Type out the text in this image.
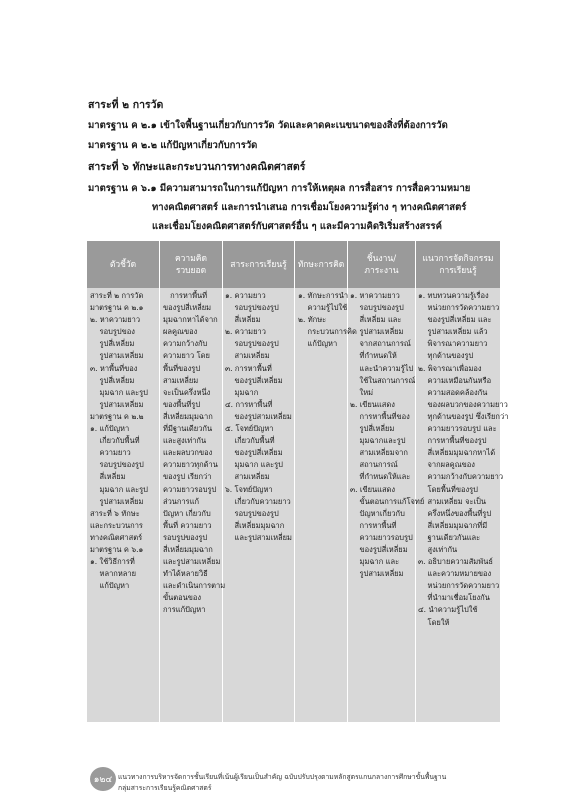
สาระที่ ๒ การวัด
มาตรฐาน ค ๒.๑ เข้าใจพื้นฐานเกี่ยวกับการวัด วัดและคาดคะเนขนาดของสิ่งที่ต้องการวัด
มาตรฐาน ค ๒.๒ แก้ปัญหาเกี่ยวกับการวัด
สาระที่ ๖ ทักษะและกระบวนการทางคณิตศาสตร์
มาตรฐาน ค ๖.๑ มีความสามารถในการแก้ปัญหา การให้เหตุผล การสื่อสาร การสื่อความหมาย
ทางคณิตศาสตร์ และการนำเสนอ การเชื่อมโยงความรู้ต่าง ๆ ทางคณิตศาสตร์
และเชื่อมโยงคณิตศาสตร์กับศาสตร์อื่น ๆ และมีความคิดริเริ่มสร้างสรรค์
ตัวชี้วัด
ความคิด
รวบยอด
สาระการเรียนรู้	ทักษะการคิด
ชิ้นงาน/
ภาระงาน
แนวการจัดกิจกรรม
การเรียนรู้
สาระที่ ๒ การวัด
มาตรฐาน ค ๒.๑
๒. หาความยาว
รอบรูปของ
รูปสี่เหลี่ยม
รูปสามเหลี่ยม
๓. หาพื้นที่ของ
รูปสี่เหลี่ยม
มุมฉาก และรูป
รูปสามเหลี่ยม
มาตรฐาน ค ๒.๒
๑. แก้ปัญหา
เกี่ยวกับพื้นที่
ความยาว
รอบรูปของรูป
สี่เหลี่ยม
มุมฉาก และรูป
รูปสามเหลี่ยม
สาระที่ ๖ ทักษะ
และกระบวนการ
ทางคณิตศาสตร์
มาตรฐาน ค ๖.๑
๑. ใช้วิธีการที่
หลากหลาย
แก้ปัญหา
การหาพื้นที่
ของรูปสี่เหลี่ยม
มุมฉากหาได้จาก
ผลคูณของ
ความกว้างกับ
ความยาว โดย
พื้นที่ของรูป
สามเหลี่ยม
จะเป็นครึ่งหนึ่ง
ของพื้นที่รูป
สี่เหลี่ยมมุมฉาก
ที่มีฐานเดียวกัน
และสูงเท่ากัน
และผลบวกของ
ความยาวทุกด้าน
ของรูป เรียกว่า
ความยาวรอบรูป
ส่วนการแก้
ปัญหา เกี่ยวกับ
พื้นที่ ความยาว
รอบรูปของรูป
สี่เหลี่ยมมุมฉาก
และรูปสามเหลี่ยม
ทำได้หลายวิธี
และดำเนินการตาม
ขั้นตอนของ
การแก้ปัญหา
๑. ความยาว
รอบรูปของรูป
สี่เหลี่ยม
๒. ความยาว
รอบรูปของรูป
สามเหลี่ยม
๓. การหาพื้นที่
ของรูปสี่เหลี่ยม
มุมฉาก
๔. การหาพื้นที่
ของรูปสามเหลี่ยม
๕. โจทย์ปัญหา
เกี่ยวกับพื้นที่
ของรูปสี่เหลี่ยม
มุมฉาก และรูป
สามเหลี่ยม
๖. โจทย์ปัญหา
เกี่ยวกับความยาว
รอบรูปของรูป
สี่เหลี่ยมมุมฉาก
และรูปสามเหลี่ยม
๑. ทักษะการนำ
ความรู้ไปใช้
๒. ทักษะ
กระบวนการคิด
แก้ปัญหา
๑. หาความยาว
รอบรูปของรูป
สี่เหลี่ยม และ
รูปสามเหลี่ยม
จากสถานการณ์
ที่กำหนดให้
และนำความรู้ไป
ใช้ในสถานการณ์
ใหม่
๒. เขียนแสดง
การหาพื้นที่ของ
รูปสี่เหลี่ยม
มุมฉากและรูป
สามเหลี่ยมจาก
สถานการณ์
ที่กำหนดให้และ
๓. เขียนแสดง
ขั้นตอนการแก้โจทย์
ปัญหาเกี่ยวกับ
การหาพื้นที่
ความยาวรอบรูป
ของรูปสี่เหลี่ยม
มุมฉาก และ
รูปสามเหลี่ยม
๑. ทบทวนความรู้เรื่อง
หน่วยการวัดความยาว
ของรูปสี่เหลี่ยม และ
รูปสามเหลี่ยม แล้ว
พิจารณาความยาว
ทุกด้านของรูป
๒. พิจารณาเพื่อมอง
ความเหมือนกันหรือ
ความสอดคล้องกัน
ของผลบวกของความยาว
ทุกด้านของรูป ซึ่งเรียกว่า
ความยาวรอบรูป และ
การหาพื้นที่ของรูป
สี่เหลี่ยมมุมฉากหาได้
จากผลคูณของ
ความกว้างกับความยาว
โดยพื้นที่ของรูป
สามเหลี่ยม จะเป็น
ครึ่งหนึ่งของพื้นที่รูป
สี่เหลี่ยมมุมฉากที่มี
ฐานเดียวกันและ
สูงเท่ากัน
๓. อธิบายความสัมพันธ์
และความหมายของ
หน่วยการวัดความยาว
ที่นำมาเชื่อมโยงกัน
๔. นำความรู้ไปใช้
โดยให้
๑๒๔ แนวทางการบริหารจัดการชั้นเรียนที่เน้นผู้เรียนเป็นสำคัญ ฉบับปรับปรุงตามหลักสูตรแกนกลางการศึกษาขั้นพื้นฐาน
กลุ่มสาระการเรียนรู้คณิตศาสตร์
